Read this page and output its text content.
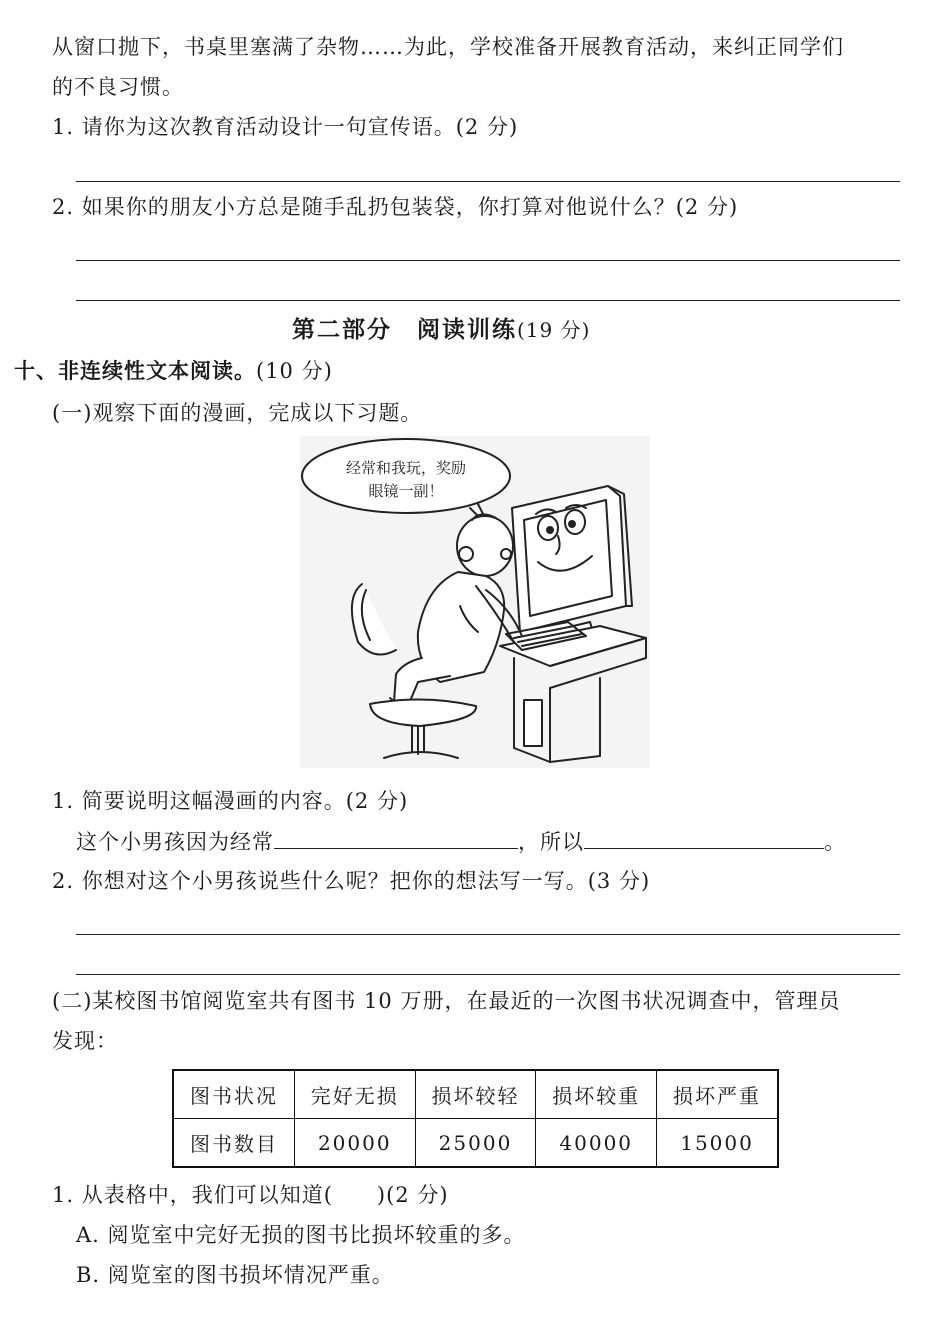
从窗口抛下，书桌里塞满了杂物……为此，学校准备开展教育活动，来纠正同学们
的不良习惯。
1. 请你为这次教育活动设计一句宣传语。(2 分)
2. 如果你的朋友小方总是随手乱扔包装袋，你打算对他说什么？(2 分)
第二部分　阅读训练(19 分)
十、非连续性文本阅读。(10 分)
(一)观察下面的漫画，完成以下习题。
经常和我玩，奖励
眼镜一副！
1. 简要说明这幅漫画的内容。(2 分)
这个小男孩因为经常	，所以	。
2. 你想对这个小男孩说些什么呢？把你的想法写一写。(3 分)
(二)某校图书馆阅览室共有图书 10 万册，在最近的一次图书状况调查中，管理员
发现：
图书状况	完好无损	损坏较轻	损坏较重	损坏严重
图书数目	20000	25000	40000	15000
1. 从表格中，我们可以知道(　　)(2 分)
A. 阅览室中完好无损的图书比损坏较重的多。
B. 阅览室的图书损坏情况严重。
